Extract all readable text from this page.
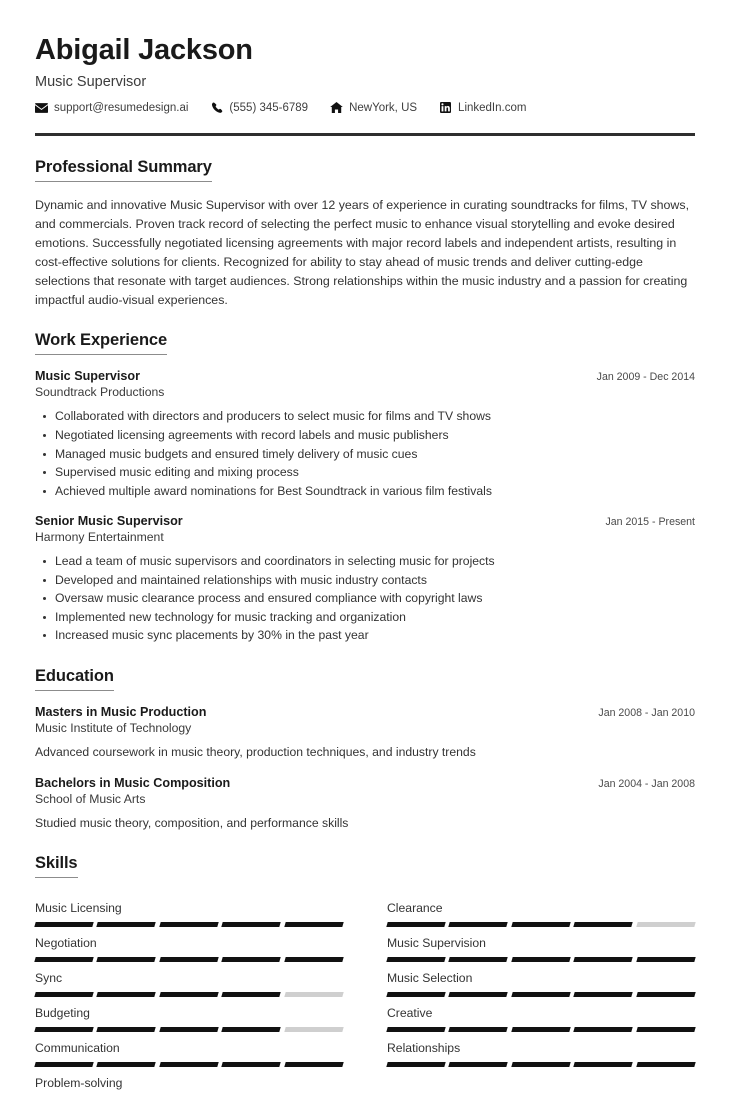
Abigail Jackson
Music Supervisor
support@resumedesign.ai	(555) 345-6789	NewYork, US	LinkedIn.com
Professional Summary

Dynamic and innovative Music Supervisor with over 12 years of experience in curating soundtracks for films, TV shows, and commercials. Proven track record of selecting the perfect music to enhance visual storytelling and evoke desired emotions. Successfully negotiated licensing agreements with major record labels and independent artists, resulting in cost-effective solutions for clients. Recognized for ability to stay ahead of music trends and deliver cutting-edge selections that resonate with target audiences. Strong relationships within the music industry and a passion for creating impactful audio-visual experiences.

Work Experience
Music Supervisor	Jan 2009 - Dec 2014
Soundtrack Productions
Collaborated with directors and producers to select music for films and TV shows
Negotiated licensing agreements with record labels and music publishers
Managed music budgets and ensured timely delivery of music cues
Supervised music editing and mixing process
Achieved multiple award nominations for Best Soundtrack in various film festivals
Senior Music Supervisor	Jan 2015 - Present
Harmony Entertainment
Lead a team of music supervisors and coordinators in selecting music for projects
Developed and maintained relationships with music industry contacts
Oversaw music clearance process and ensured compliance with copyright laws
Implemented new technology for music tracking and organization
Increased music sync placements by 30% in the past year
Education
Masters in Music Production	Jan 2008 - Jan 2010
Music Institute of Technology
Advanced coursework in music theory, production techniques, and industry trends
Bachelors in Music Composition	Jan 2004 - Jan 2008
School of Music Arts
Studied music theory, composition, and performance skills
Skills
Music Licensing	Clearance
Negotiation	Music Supervision
Sync	Music Selection
Budgeting	Creative
Communication	Relationships
Problem-solving
